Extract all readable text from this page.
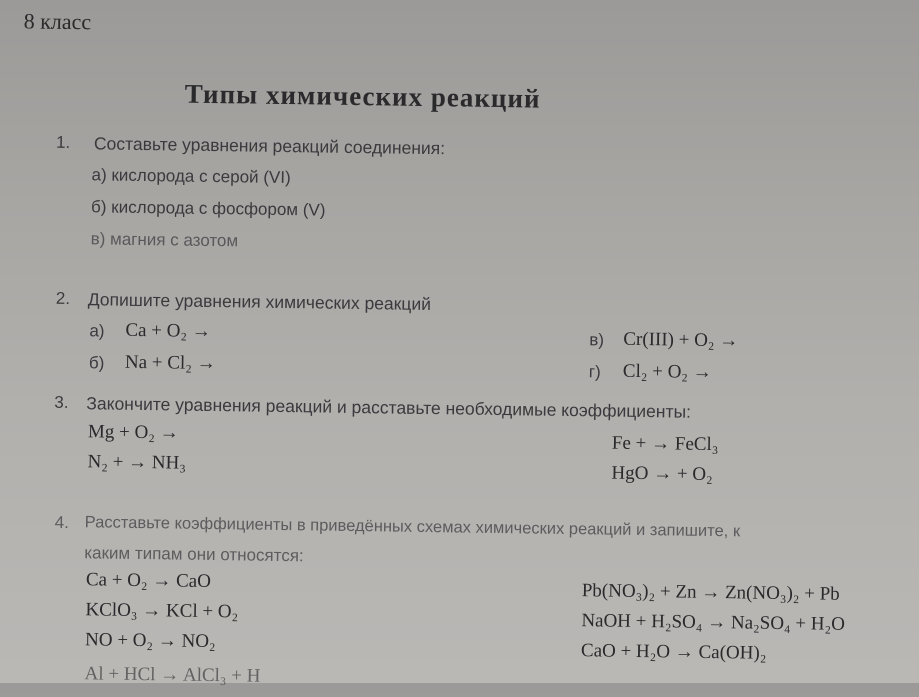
8 класс
Типы химических реакций
1. Составьте уравнения реакций соединения:
а) кислорода с серой (VI)
б) кислорода с фосфором (V)
в) магния с азотом
2. Допишите уравнения химических реакций
а) Ca + O₂ →
б) Na + Cl₂ →
в) Cr(III) + O₂ →
г) Cl₂ + O₂ →
3. Закончите уравнения реакций и расставьте необходимые коэффициенты:
Mg + O₂ →
N₂ + → NH₃
Fe + → FeCl₃
HgO → + O₂
4. Расставьте коэффициенты в приведённых схемах химических реакций и запишите, к
каким типам они относятся:
Ca + O₂ → CaO
KClO₃ → KCl + O₂
NO + O₂ → NO₂
Al + HCl → AlCl₃ + H
Pb(NO₃)₂ + Zn → Zn(NO₃)₂ + Pb
NaOH + H₂SO₄ → Na₂SO₄ + H₂O
CaO + H₂O → Ca(OH)₂
